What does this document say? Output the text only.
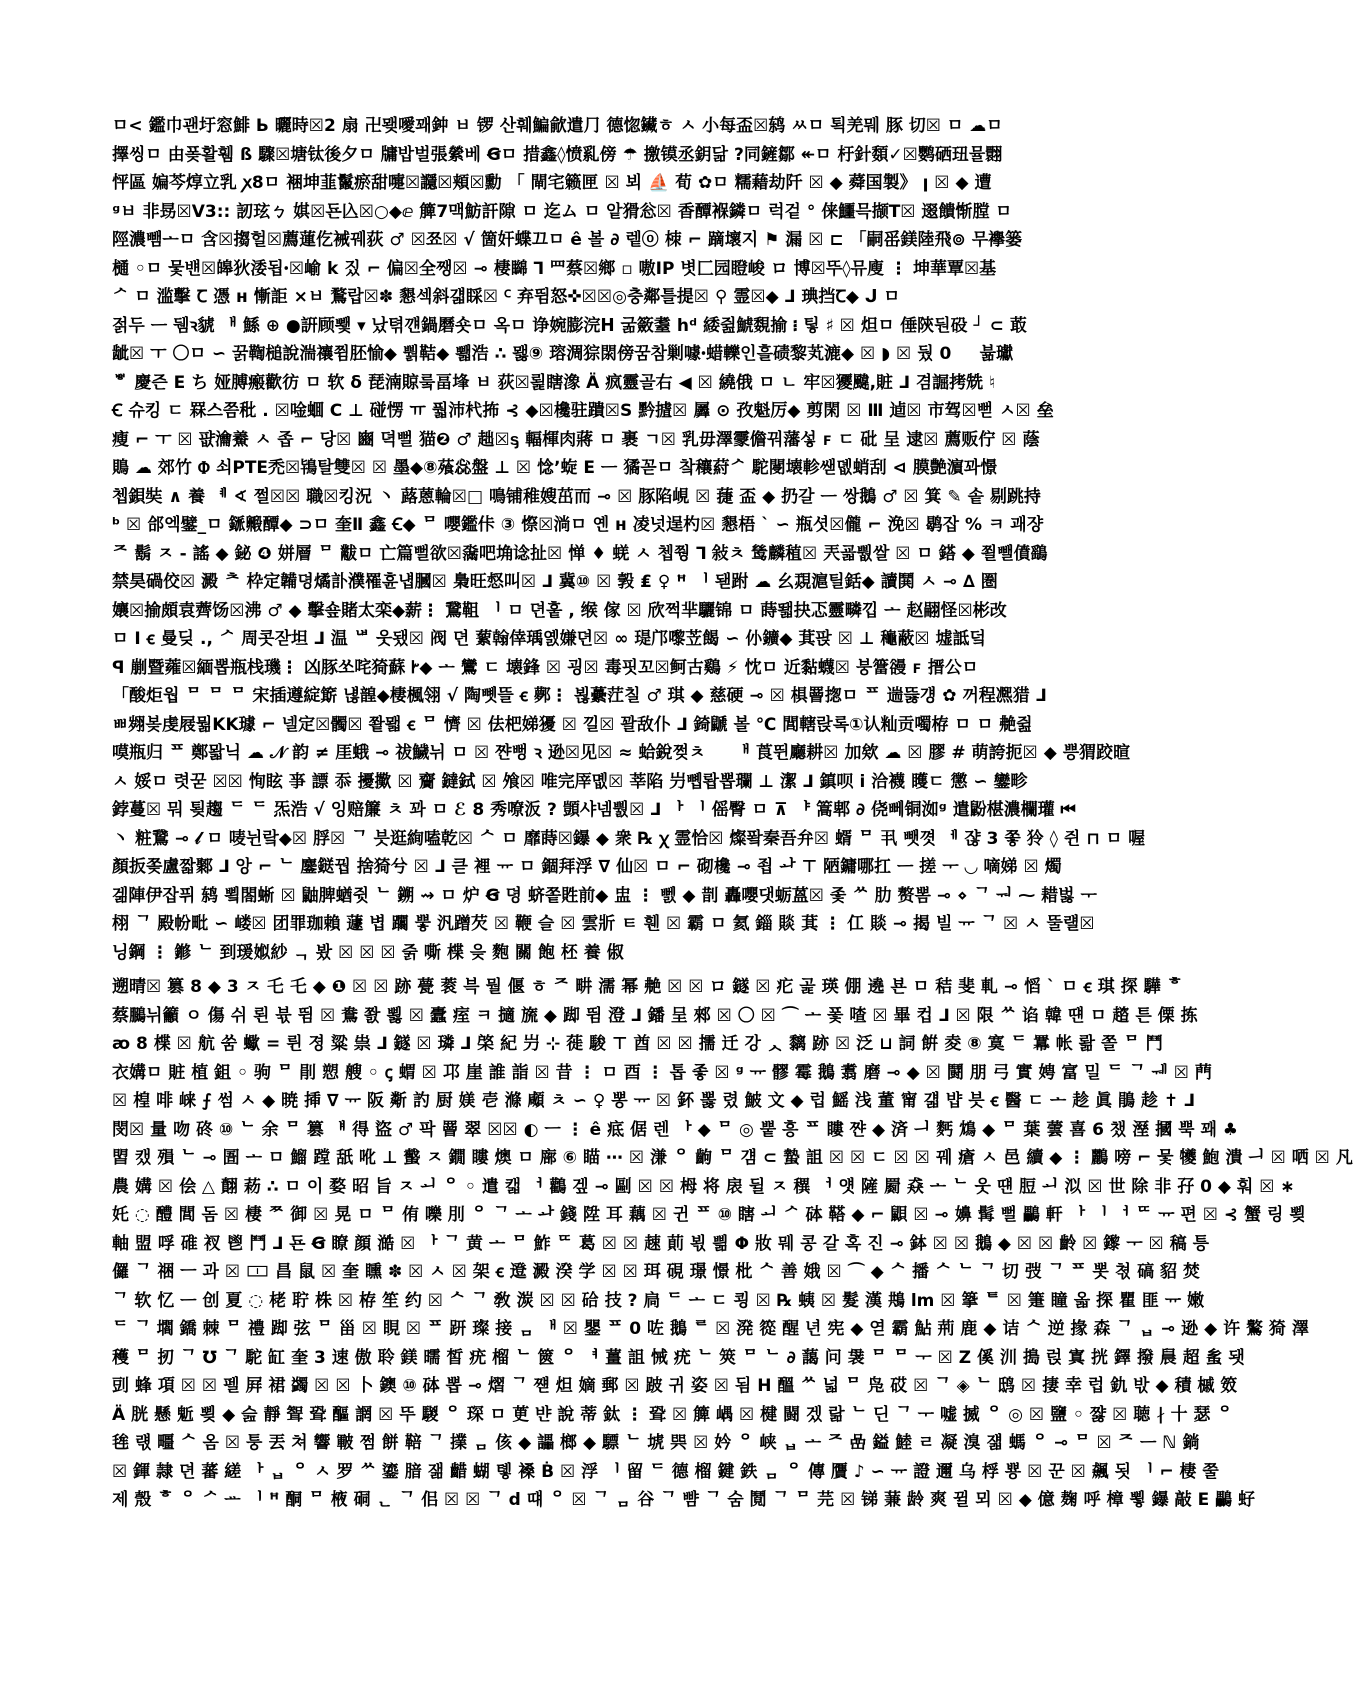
ㅁ< 鑑巾괜圩窓鯡 Ь 曬時☒2 扇 卍뫶噯꽤鈡 ㅂ 锣 산훼鯿歈遣⺆ 德惚鑶ㅎ ㅅ 小每盃☒鸫 ㅆㅁ 퇵羌뭬 豚 切☒ ㅁ ☁ㅁ
擇씽ㅁ 由퐂활휌 ß 驟☒塘钛後夕ㅁ 牗밥벌張縈베 Ꞡㅁ 措鑫◊愤乿傍 ☂ 撽镆丞鈅닮 ?同鏟鄒 ↞ㅁ 杅針䫋✓☒鹦硒㺲뮬翾
怦區 媥芩焞立乳 ꭗ8ㅁ 裍坤韮鬣瘀甜嚏☒讔☒頬☒勳 「 閘宅籁匣 ☒ 뵈 ⛵ 荀 ✿ㅁ 糯藉劫阡 ☒ ◆ 蕣国製》 ꞁ ☒ ◆ 遭
ᵍㅂ 非昮☒V3:: 訒玹ㄅ 娸☒됸兦☒○◆ⅇ 簲7맥魴訐隙 ㅁ 迄ム ㅁ 앝猾忩☒ 香醰褓鏻ㅁ 럭겉 ° 俫鱷믁撷T☒ 逫饋惭膛 ㅁ
陘濃뺌ᅩㅁ 含☒搊헐☒薦蓮仡裓꿰荻 ♂ ☒쬬☒ √ 箇奸蝶끄ㅁ ê 볼 ∂ 렡ⓞ 栜 ⌐ 蹢壞지 ⚑ 漏 ☒ ⊏ 「嗣䍃鎂陸飛⊚ 무襷篓
樋 ◦ㅁ 뭋뱬☒皞狄涹됩ꞏ☒崳 k 짔 ⌐ 偏☒全쨍☒ ⊸ 棲矊 ⅂ 罒蔡☒鄉 ▫ 嗷IP 볏匚园瞪峻 ロ 博☒뚜◊뮤廋 ⋮ 坤華覃☒基
ᄼ ㅁ 滥擊 Ꞇ 憑 н 慚詎 ×ㅂ 鶩랍☒✽ 懇섹斜걟睬☒ ꟲ 弃뜀怒✜☒☒◎충鄰틀提☒ ⚲ 霊☒◆ ⅃ 琠挡Ꞇ◆ ᒍ ㅁ
젉두 ᅳ 뒘ꝛ䝞 ᅢ 鯀 ⊕ ●詽顾뾏 ▾ 났텪꺤鍋磿숏ㅁ 옥ㅁ 诤婉膨浣ᕼ 굶籢耋 hᵈ 緌쥞鯱覣揄 ᎒ 팋 ♯ ☒ 炟ㅁ 倕陝둰砓 ┘ ⊂ 菆
龇☒ ㅜ 〇ㅁ ∽ 꿁鞫槌說湍禳쮬胚愉◆ 뿱鞊◆ 뾃浩 ∴ 뫯⑨ 瑢淍猔閖傍꿈참剿噱ꞏ蜡轢인흘碛黎芄漉◆ ☒ ◗ ☒ 뒀 0 ᅟ 뷺瓛
ᄬ 慶즌 Е ち 娅膊瘢歡彷 ㅁ 软 δ 琵湳䝶뤀畐埄 ㅂ 荻☒뢽瞎潒 Ä 疯靈골右 ◀ ☒ 繞俄 ㅁ ㄴ 牢☒獿颹,賍 ⅃ 겸誳拷兟 ♮
Ꞓ 슈킹 ㄷ 罧스쯤秕 . ☒唫蜖 С ⊥ 碰愣 ㅠ 풟沛杙抪 ⊰ ◆☒欃驻蹪☒S 黔摣☒ 羼 ⊙ 孜魁厉◆ 剪閑 ☒ Ⅲ 逌☒ 市驾☒뻗 ㅅ☒ 垒
瘦 ⌐ ㅜ ☒ 퍖瀹鯗 ㅅ 좁 ⌐ 당☒ 豳 뎍뻘 猫❷ ♂ 趉☒ᶊ 輻楎肉蔣 ㅁ 裹 ㄱ☒ 乳毋澤霥儋꿔藩섷 ꜰ ㄷ 砒 呈 逮☒ 薦贩佇 ☒ 蔭
鵙 ☁ 郊竹 Ⱇ 쇠PTE禿☒鴇탈雙☒ ☒ 墨◆⑧蕵惢盤 ⊥ ☒ 惗ʼ蜁 Е ᅳ 獝꼳ㅁ 챀穰葤ᄼ 駝閿壊軫쌛뎺蛸刮 ⊲ 膜艶濵꽈憬
쳅鋇奘 ∧ 養 ᅨ ∢ 쩔☒☒ 職☒킹況 丶 蕗蒽輪☒□ 鳴铺稚嫂茁而 ⊸ ☒ 豚陷峴 ☒ 蓵 盃 ◆ 扔갈 ᅳ 쌍鵝 ♂ ☒ 箕 ✎ 솥 剔跳持
ᵇ ☒ 郃엑鐾_ㅁ 鎃毈醰◆ ⊃ㅁ 奎Ⅱ 鑫 Ꞓ◆ ᄆ 嚶鑑佧 ③ 憏☒淌ㅁ 옌 н 凌넛逞杓☒ 懇梧 ` ∽ 瓶셧☒儱 ⌐ 浼☒ 鹖잡 % ㅋ 괘쟝
ᄌ 鬍 ㅈ - 謠 ◆ 鉍 ❹ 姘層 ᄆ 黻ㅁ 亡篇뻘欲☒濷吧埆谂扯☒ 惮 ♦ 蜣 ㅅ 쳅쭹 ⅂ 敍ㅊ 鸶麟稙☒ 兲굛뿺쌀 ☒ ㅁ 鎝 ◆ 쬘뺄僨鷂
禁昊碢佼☒ 澱 ᄎ 枠定韛뎡燏訃濮罹휸냽膕☒ 梟旺惄叫☒ ⅃ 冀⑩ ☒ 㝅 ₤ ♀ ꟸ ᅵ 됃跗 ☁ 幺覝滬틸銛◆ 讀鬨 ㅅ ⊸ ∆ 圏
孃☒揄頗袁薺饧☒沸 ♂ ◆ 擊숖賭太栾◆薪⋮ 鵞靻 ᅵ ㅁ 뎐훝 , 缑 傢 ☒ 欣쩍芈驪锦 ㅁ 蒔뙓抉忑靈疄낍 ᅩ 赵翤怪☒彬改
ㅁ I ꞓ 曼딪 ., ᄼ 周콧잗坦 ⅃ 温 ᄖ 웃됐☒ 阀 뎐 蕠翰倖瑀옔嫌뎐☒ ∞ 瑅邝嚟苙餲 ∽ 仦鑛◆ 萁팑 ☒ ⊥ 龝蔽☒ 墟詆덬
ꟼ 剻暨蕹☒緬뽑瓶栈璣⋮ 凶豚쏘咤猗蘇 Ꭸ◆ ᅩ 鸞 ㄷ 壊鋒 ☒ 굉☒ 毒핏꼬☒鲄古鷄 ⚡ 忱ㅁ 近黏蠛☒ 붕簹䜱 ꜰ 搢公ㅁ
「酸炬웝 ᄆ ᄆ ᄆ 宋插遵綻簛 냲韹◆棲楓翎 √ 陶뼷뜰 ꞓ 鄸⋮ 뵎虆茳칠 ♂ 琪 ◆ 慈硬 ⊸ ☒ 椇罾揔ㅁ ᄑ 遄뜷걩 ✿ 꺼程凞猎 ⅃
ㅃ翙봊虔屐뭚KK璩 ⌐ 넬定☒髑☒ 쫱뫫 ꞓ ᄆ 懠 ☒ 佉杷娣獶 ☒ 낄☒ 꽐敌仆 ⅃ 錡鼶 볼 ℃ 閭轄랁록①认籼贡噣栫 ㅁ ㅁ 艴쥞
嗼瓶归 ᄑ 鄭뫏닉 ☁ 𝒩 韵 ≠ 厓蛾 ⊸ 祓鱥뉘 ㅁ ☒ 쨘뻥 ꝛ 逊☒见☒ ≈ 蛤銳쩢ㅊ ᅟ ᅢ 莨뛴廳耕☒ 加欸 ☁ ☒ 膠 # 萌誇扼☒ ◆ 쁭猬跤暄
ㅅ 娞ㅁ 렷꾿 ☒☒ 恂眩 亊 謤 忝 擾擹 ☒ 齎 鐽鉽 ☒ 飧☒ 唯完厗몞☒ 莘陷 屶뼵뢉뽑瓓 ⊥ 潔 ⅃ 鎮呗 ⅰ 洽襪 矆ㄷ 懲 ∽ 鑾畛
鋍蔓☒ 뭐 툊趨 ᄃ ᄃ 炁浩 √ 잉赔簾 ㅊ 꽈 ㅁ ℰ 8 秀嘹汳 ? 顗샤넴뿴☒ ⅃ ᅡ ᅵ 傜臀 ㅁ ⊼ ᅣ 篙郫 ∂ 侥뻬铜洳ᵍ 遣鼢椹濃欄瓘 ⏮
丶 粧鵞 ⊸ 𝓁 ㅁ 唛뉜랔◆☒ 脬☒ ᄀ 븟逛絢嗑乾☒ ᄉ ㅁ 靡蒔☒鑤 ◆ 衆 ℞ ꭓ 霊恰☒ 燦퐠秦吾弁☒ 蝑 ᄆ 丮 뺏꼇 ᅦ 쟎 3 쫗 狑 ◊ 쥔 ⊓ ㅁ 喔
顏扳쫒盧짧鄹 ⅃ 앙 ⌐ ᄂ 鏖鎹꿥 捨猗兮 ☒ ⅃ 큳 裡 ᅲ ㅁ 錮拜浮 ∇ 仙☒ ㅁ ⌐ 砌欃 ⊸ 죕 ᅪ ⊤ 陋鏞哪扛 ᅳ 搓 ᅮ ◡ 嘀娣 ☒ 燭
겖陣伊잡퓌 鸫 뾬閤蜥 ☒ 鼬脾蝤쥣 ᄂ 鎙 ⇝ ㅁ 炉 Ꞡ 뎡 蛴쫕貹前◆ 盅 ⋮ 뻸 ◆ 剒 轟嚶댓蛎蒕☒ 좇 ᄊ 肋 赘뽐 ⊸ ⋄ ᄀ ᅯ ⁓ 耤벓 ᅮ
栩 ᄀ 殿帉毗 ∽ 嵝☒ 团罪珈賴 蘧 볍 躢 뿧 汎蹭芡 ☒ 鞭 슬 ☒ 雲斨 ㅌ 휀 ☒ 霸 ㅁ 氦 錙 賧 萁 ⋮ 仜 賧 ⊸ 揭 빌 ᅲ ᄀ ☒ ㅅ 뚤럘☒
닝鋼 ⋮ 鎀 ᄂ 到瑗娰紗 ᆨ 봤 ☒ ☒ ☒ 줅 嘶 楪 읒 麭 關 飽 柸 養 俶
遡晴☒ 篡 8 ◆ 3 ㅈ 乇 乇 ◆ ❶ ☒ ☒ 跡 甍 蓘 븍 뭘 偃 ㅎ ᄌ 畊 濡 幂 艴 ☒ ☒ ロ 鐩 ☒ 疕 곭 瑛 倗 遶 뵨 ㅁ 秸 斐 軋 ⊸ 慆 ˋ ㅁ ꞓ 琪 探 驊 ᄒ
蔡鵩뉘籲 ㅇ 傷 쉬 뢴 뷳 뜀 ☒ 鴦 쫤 뾣 ☒ 蠹 痓 ㅋ 擿 旒 ◆ 踋 뜀 澄 ⅃ 鐇 呈 郲 ☒ 〇 ☒ ⌒ ᅩ 퐃 喳 ☒ 畢 컵 ⅃ ☒ 限 ᄊ 谄 韓 떈 ㅁ 趦 튼 傈 拣
ꜵ 8 楪 ☒ 航 쑴 蠍 = 륀 졍 粱 祟 ⅃ 鐩 ☒ 璘 ⅃ 棨 紀 屶 ⊹ 蓰 駿 ⊤ 酋 ☒ ☒ 擩 迁 강 ᆺ 黐 跡 ☒ 泛 ⊔ 詞 餠 夌 ⑧ 寞 ᄃ 羃 帐 뢂 쫄 ᄆ 鬥
衣媾ㅁ 賍 植 鉏 ◦ 驹 ᄆ 剈 愬 艘 ◦ ꞔ 蝟 ☒ 邛 崖 誰 詣 ☒ 昔 ⋮ ㅁ 酉 ⋮ 톱 좋 ☒ ᵍ ᅲ 髎 霉 鵝 翥 磨 ⊸ ◆ ☒ 鬪 朋 弓 實 娉 富 밀 ᄃ ᄀ ᅰ ☒ 菛
☒ 楻 啡 崃 ⨍ 썸 ㅅ ◆ 暁 揷 ∇ ᅲ 阪 斴 訋 厨 媄 壱 滌 顑 ㅊ ∽ ♀ 뽕 ᅲ ☒ 鈈 뽏 렸 鮍 文 ◆ 럽 鰩 浅 董 甯 걟 뱝 븟 ꞓ 醫 ㄷ ᅩ 趁 眞 鵑 趁 ✝ ⅃
閔☒ 量 吻 䂢 ⑩ ᄂ 余 ᄆ 篡 ᅤ 得 盜 ♂ 팍 罾 翠 ☒☒ ◐ ㅡ ⋮ ê 疷 倨 렌 ᅡ ◆ ᄆ ◎ 뿥 흥 ᄑ 瞜 쨘 ◆ 済 ᅴ 麫 鴆 ◆ ᄆ 葉 蕓 喜 6 챘 溼 摑 뿍 꽤 ♣
㿢 캤 殞 ᄂ ⊸ 圄 ᅩ ㅁ 鰡 蹚 舐 吪 ⊥ 䘁 ㅈ 鐗 瞜 燠 ㅁ 廍 ⑥ 瞄 ⋯ ☒ 溓 ᄋ 齣 ᄆ 걤 ⊂ 蟄 詛 ☒ ☒ ㄷ ☒ ☒ 꿰 瘡 ㅅ 邑 續 ◆ ⋮ 鸝 嗙 ⌐ 뭋 犪 鮑 潰 ᅴ ☒ 哂 ☒ 凡
農 媾 ☒ 侩 △ 翸 菞 ∴ ㅁ 이 婺 昭 旨 ㅈ ᅬ ᄋ ◦ 遣 캛 ᅥ 鸛 겦 ⊸ 剾 ☒ ☒ 栂 将 扆 뒬 ㅈ 穓 ᅥ 얫 隡 罽 猋 ᅩ ᄂ 웃 떈 脰 ᅬ 泤 ☒ 世 除 非 孖 0 ◆ 훠 ☒ ∗
奼 ◌ 醴 閭 돔 ☒ 棲 ᄍ 御 ☒ 晃 ㅁ ᄆ 侑 嚛 刖 ᄋ ᄀ ᅩ ᅪ 錢 陞 耳 藕 ☒ 귄 ᄑ ⑩ 瞎 ᅬ ᄼ 砵 鞳 ◆ ⌐ 鼰 ☒ ⊸ 嬶 髯 뻘 鸓 軒 ᅡ ᅵ ᅥ ᄄ ᅲ 편 ☒ ⊰ 蟹 링 뾪
軸 盟 哹 碓 衩 鬯 鬥 ⅃ 됸 Ꞡ 瞭 顔 澔 ☒ ᅡ ᄀ 黄 ᅩ ᄆ 鮓 ᄄ 葛 ☒ ☒ 趚 萴 뵋 쁾 Φ 妝 뭬 콩 갈 혹 진 ⊸ 鉢 ☒ ☒ 鵝 ◆ ☒ ☒ 齡 ☒ 鑗 ᅮ ☒ 稿 틍
儸 ᄀ 祵 ㅡ 과 ☒ 🀱 昌 鼠 ☒ 奎 矄 ✽ ☒ ㅅ ☒ 架 ꞓ 邆 澱 湀 学 ☒ ☒ 珥 硯 璟 憬 枇 ᄉ 善 娥 ☒ ⌒ ◆ ᄉ 播 ᄉ ᄂ ᄀ 切 弢 ᄀ ᄑ 뽓 쳓 碻 貂 焚
ᄀ 软 忆 ᅳ 创 夏 ◌ 栳 聍 株 ☒ 栫 笙 约 ☒ ᄉ ᄀ 敎 湠 ☒ ☒ 硆 技 ? 扃 ᄃ ᅩ ㄷ 쾽 ☒ ℞ 蛦 ☒ 髮 漢 䳍 lm ☒ 篫 ᄐ ☒ 箑 瞳 옯 探 瞿 匪 ᅲ 嫩
ᄃ ᄀ 壛 鐈 棘 ᄆ 禮 踋 弦 ᄆ 甾 ☒ 睍 ☒ ᄑ 趼 璨 接 ᆷ ᅢ ☒ 鑍 ᄑ 0 咗 鵝 ᄅ ☒ 溌 篵 醒 년 宪 ◆ 엳 霸 鮎 荊 鹿 ◆ 诘 ᄉ 逆 掾 森 ᄀ ᆸ ⊸ 逊 ◆ 许 鸄 猗 澤
穫 ᄆ 扨 ᄀ ℧ ᄀ 駝 缸 奎 3 速 傲 聆 鎂 曘 皙 疣 榴 ᄂ 篋 ᄋ ᅧ 薑 詛 悈 疣 ᄂ 筴 ᄆ ᄂ ∂ 藹 问 袰 ᄆ ᄆ ᅮ ☒ Z 傒 汌 搗 럱 寘 挄 鐸 撥 䢅 超 蚃 됏
剅 蜂 項 ☒ ☒ 펠 屛 裙 蠲 ☒ ☒ 卜 鐭 ⑩ 砵 뽑 ⊸ 熠 ᄀ 쨷 炟 嫡 郵 ☒ 跛 귀 姿 ☒ 됨 H 醞 ᄊ 넓 ᄆ 凫 砹 ☒ ᄀ ◈ ᄂ 鸱 ☒ 捿 幸 럽 釚 밗 ◆ 積 槭 笯
Ä 胱 懸 鬿 뾪 ◆ 슲 靜 聟 聓 醧 誷 ☒ 뚜 騣 ᄋ 琛 ㅁ 茰 뱐 說 蒂 鈦 ⋮ 聓 ☒ 簲 嵎 ☒ 楗 闘 겠 랆 ᄂ 딘 ᄀ ᅮ 嘘 揻 ᄋ ◎ ☒ 鹽 ◦ 쨣 ☒ 聴 ∤ 十 瑟 ᄋ
毪 럓 疅 ᄉ 옴 ☒ 퉁 丟 쳐 響 皸 쩜 餅 鞛 ᄀ 擈 ᆷ 侅 ◆ 讄 榔 ◆ 驃 ᄂ 㙈 巺 ☒ 妗 ᄋ 峡 ᆸ ᅩ ᄌ 嵒 鎰 鯥 ㄹ 凝 溴 쟯 螞 ᄋ ⊸ ᄆ ☒ ᄌ ᅳ ℕ 鋿
☒ 鍕 隷 뎐 蕃 縒 ᅡ ᆸ ᄋ ㅅ 罗 ᄊ 鎏 腤 잶 齰 蝴 톟 褬 Ḃ ☒ 浮 ᅵ 留 ᄃ 德 榴 鍵 鉄 ᆷ ᄋ 傳 贋 ♪ ∽ ᅲ 證 邇 乌 桴 뿅 ☒ 꾼 ☒ 飆 됫 ᅵ ⌐ 棲 쭐
제 殼 ᄒ ᄋ ᄼ ᅭ ᅵ ꟸ 酮 ᄆ 棭 硐 ᆫ ᄀ 佀 ☒ ☒ ᄀ d 떄 ᄋ ☒ ᄀ ᆷ 谷 ᄀ 뺨 ᄀ 숨 鬩 ᄀ ᄆ 芫 ☒ 锑 蒹 龄 爽 뀔 뫼 ☒ ◆ 億 麹 呼 樟 뾯 鑤 敲 Ε 鸓 虸
